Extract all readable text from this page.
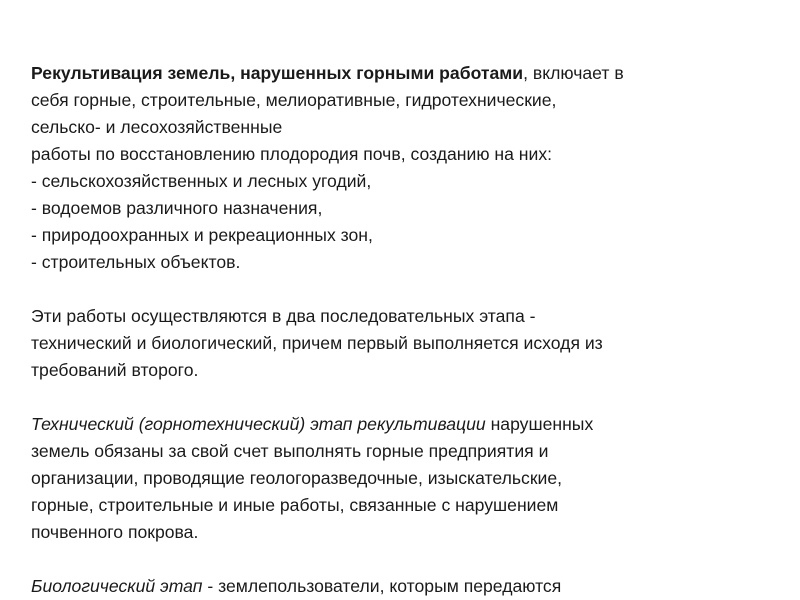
Рекультивация земель, нарушенных горными работами, включает в
себя горные, строительные, мелиоративные, гидротехнические,
сельско- и лесохозяйственные
работы по восстановлению плодородия почв, созданию на них:
- сельскохозяйственных и лесных угодий,
- водоемов различного назначения,
- природоохранных и рекреационных зон,
- строительных объектов.
Эти работы осуществляются в два последовательных этапа -
технический и биологический, причем первый выполняется исходя из
требований второго.
Технический (горнотехнический) этап рекультивации нарушенных
земель обязаны за свой счет выполнять горные предприятия и
организации, проводящие геологоразведочные, изыскательские,
горные, строительные и иные работы, связанные с нарушением
почвенного покрова.
Биологический этап - землепользователи, которым передаются
